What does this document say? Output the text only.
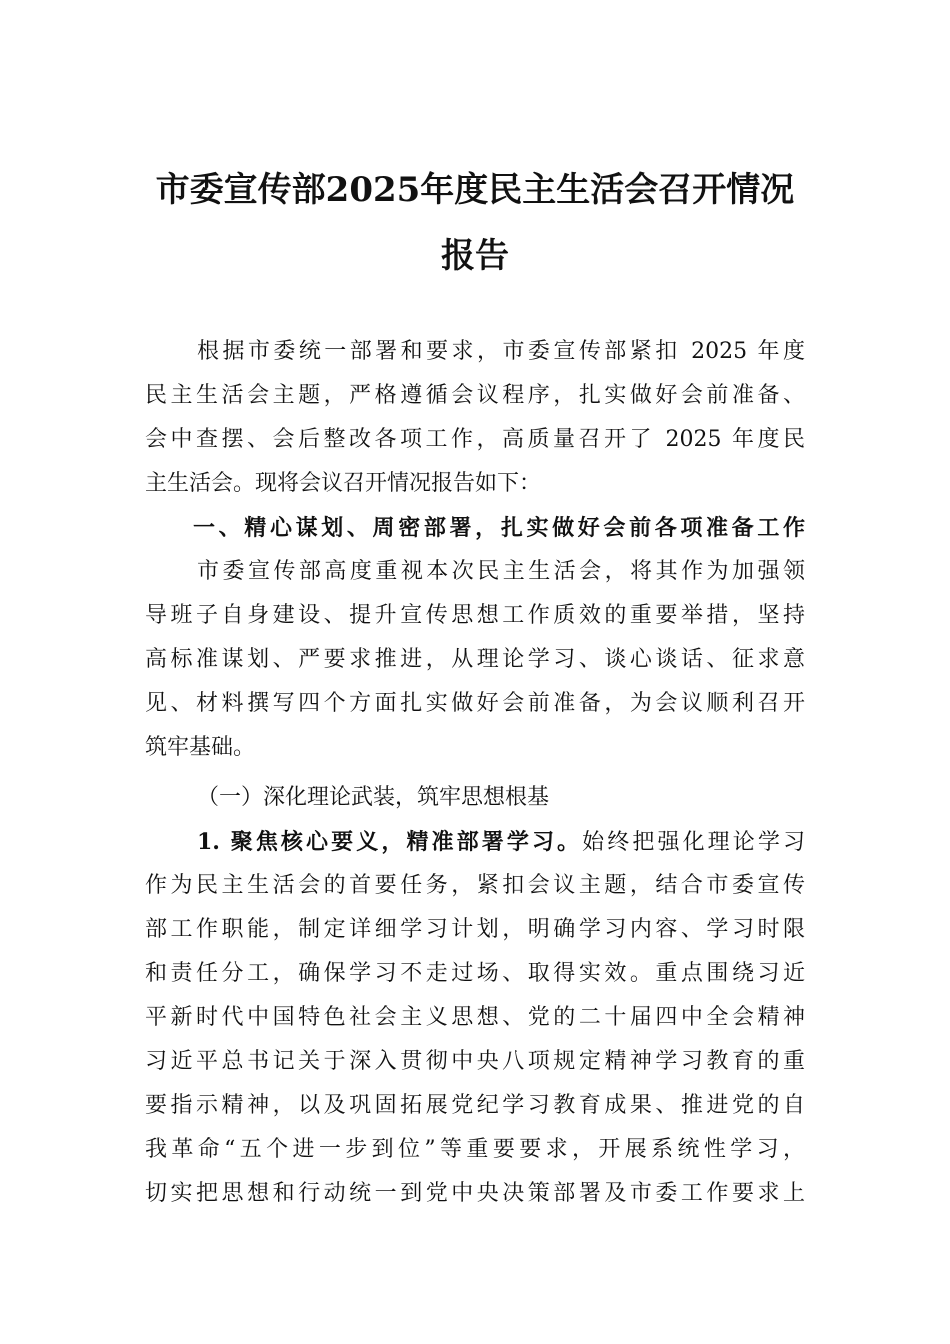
市委宣传部2025年度民主生活会召开情况
报告
根据市委统一部署和要求，市委宣传部紧扣 2025 年度
民主生活会主题，严格遵循会议程序，扎实做好会前准备、
会中查摆、会后整改各项工作，高质量召开了 2025 年度民
主生活会。现将会议召开情况报告如下：
一、精心谋划、周密部署，扎实做好会前各项准备工作
市委宣传部高度重视本次民主生活会，将其作为加强领
导班子自身建设、提升宣传思想工作质效的重要举措，坚持
高标准谋划、严要求推进，从理论学习、谈心谈话、征求意
见、材料撰写四个方面扎实做好会前准备，为会议顺利召开
筑牢基础。
（一）深化理论武装，筑牢思想根基
1. 聚焦核心要义，精准部署学习。始终把强化理论学习
作为民主生活会的首要任务，紧扣会议主题，结合市委宣传
部工作职能，制定详细学习计划，明确学习内容、学习时限
和责任分工，确保学习不走过场、取得实效。重点围绕习近
平新时代中国特色社会主义思想、党的二十届四中全会精神
习近平总书记关于深入贯彻中央八项规定精神学习教育的重
要指示精神，以及巩固拓展党纪学习教育成果、推进党的自
我革命“五个进一步到位”等重要要求，开展系统性学习，
切实把思想和行动统一到党中央决策部署及市委工作要求上
